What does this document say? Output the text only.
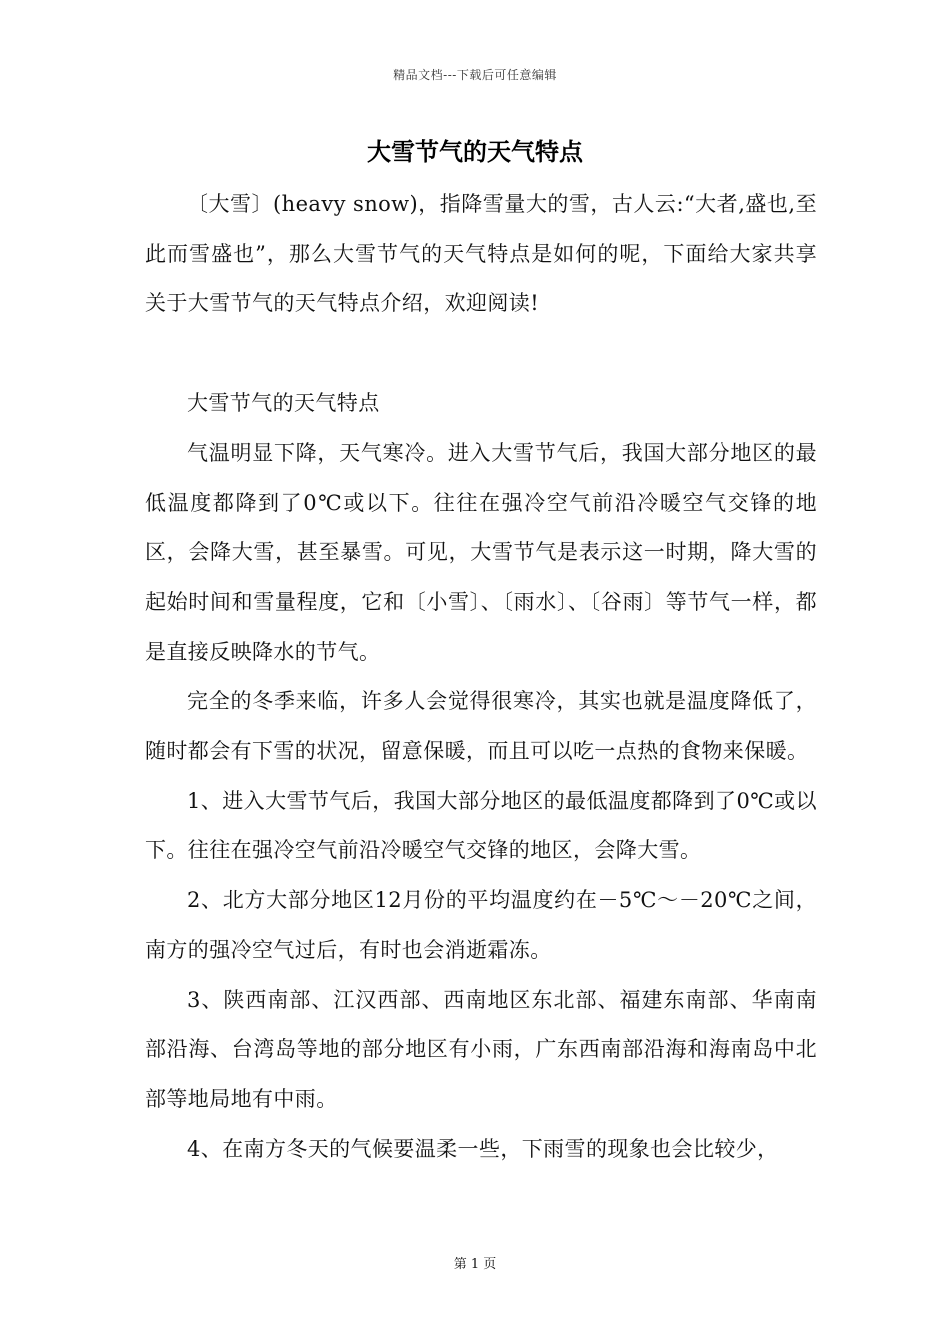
精品文档---下载后可任意编辑
大雪节气的天气特点

〔大雪〕(heavy snow)，指降雪量大的雪，古人云:“大者,盛也,至此而雪盛也”，那么大雪节气的天气特点是如何的呢，下面给大家共享关于大雪节气的天气特点介绍，欢迎阅读!

大雪节气的天气特点

气温明显下降，天气寒冷。进入大雪节气后，我国大部分地区的最低温度都降到了0℃或以下。往往在强冷空气前沿冷暖空气交锋的地区，会降大雪，甚至暴雪。可见，大雪节气是表示这一时期，降大雪的起始时间和雪量程度，它和〔小雪〕、〔雨水〕、〔谷雨〕等节气一样，都是直接反映降水的节气。

完全的冬季来临，许多人会觉得很寒冷，其实也就是温度降低了，随时都会有下雪的状况，留意保暖，而且可以吃一点热的食物来保暖。

1、进入大雪节气后，我国大部分地区的最低温度都降到了0℃或以下。往往在强冷空气前沿冷暖空气交锋的地区，会降大雪。

2、北方大部分地区12月份的平均温度约在－5℃～－20℃之间，南方的强冷空气过后，有时也会消逝霜冻。

3、陕西南部、江汉西部、西南地区东北部、福建东南部、华南南部沿海、台湾岛等地的部分地区有小雨，广东西南部沿海和海南岛中北部等地局地有中雨。

4、在南方冬天的气候要温柔一些，下雨雪的现象也会比较少，

第 1 页
